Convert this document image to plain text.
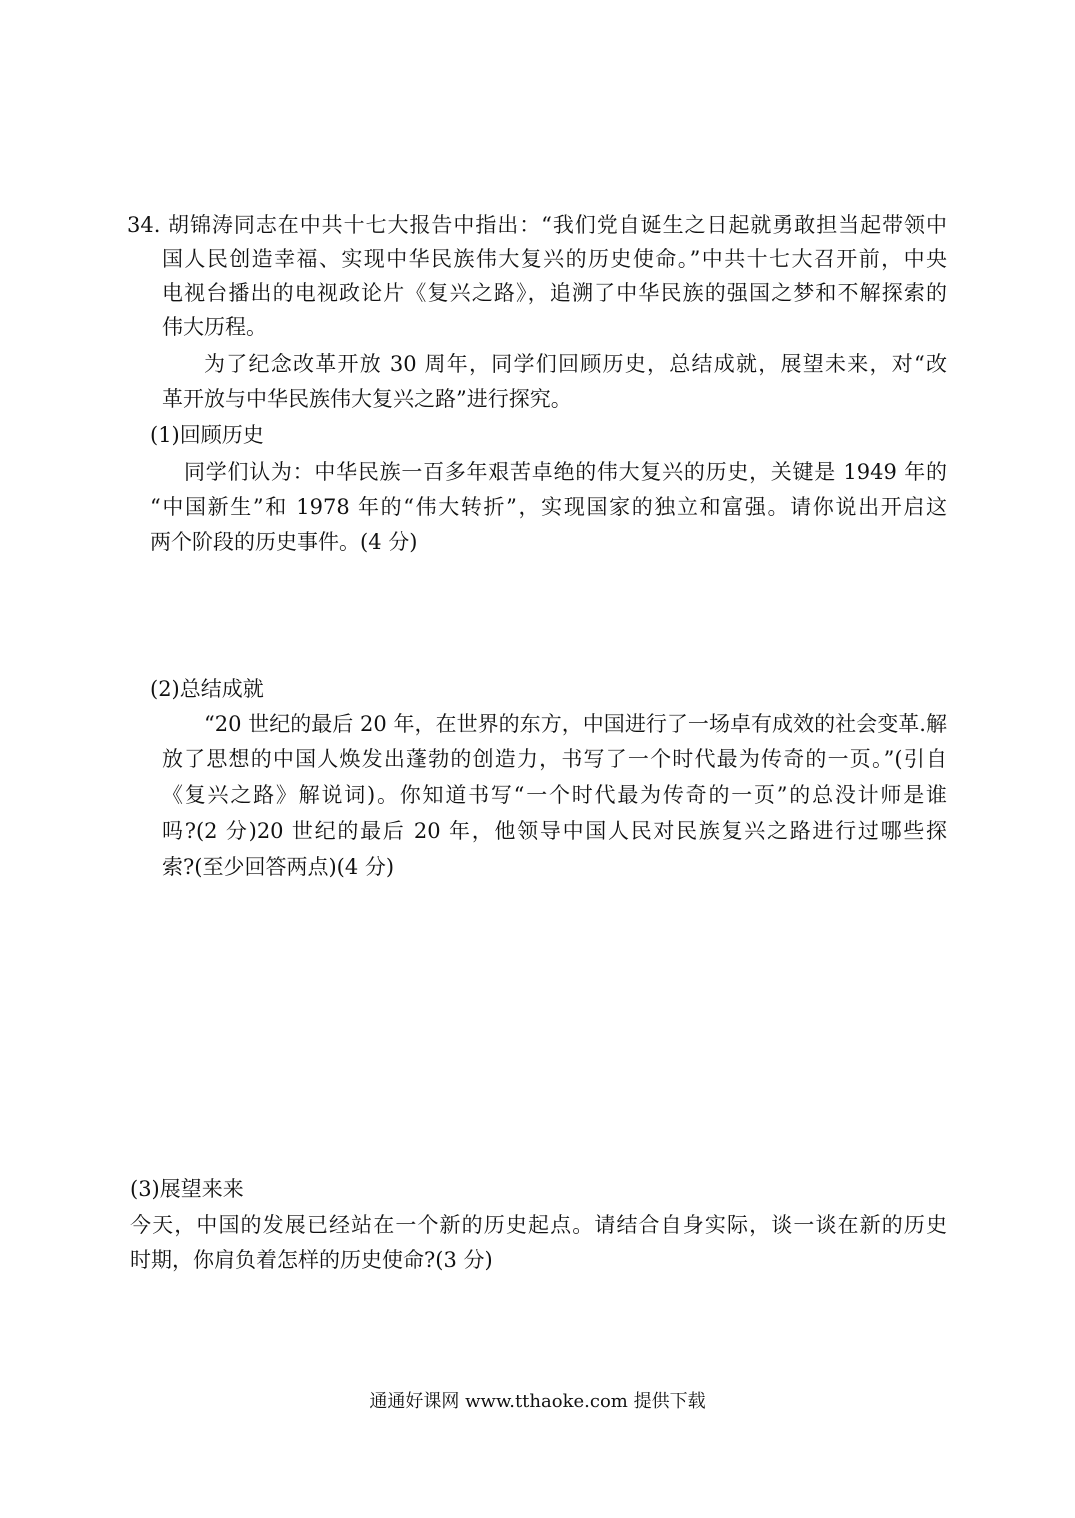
34. 胡锦涛同志在中共十七大报告中指出：“我们党自诞生之日起就勇敢担当起带领中
国人民创造幸福、实现中华民族伟大复兴的历史使命。”中共十七大召开前，中央
电视台播出的电视政论片《复兴之路》，追溯了中华民族的强国之梦和不解探索的
伟大历程。
为了纪念改革开放 30 周年，同学们回顾历史，总结成就，展望未来，对“改
革开放与中华民族伟大复兴之路”进行探究。
(1)回顾历史
同学们认为：中华民族一百多年艰苦卓绝的伟大复兴的历史，关键是 1949 年的
“中国新生”和 1978 年的“伟大转折”，实现国家的独立和富强。请你说出开启这
两个阶段的历史事件。(4 分)
(2)总结成就
“20 世纪的最后 20 年，在世界的东方，中国进行了一场卓有成效的社会变革.解
放了思想的中国人焕发出蓬勃的创造力，书写了一个时代最为传奇的一页。”(引自
《复兴之路》解说词)。你知道书写“一个时代最为传奇的一页”的总没计师是谁
吗?(2 分)20 世纪的最后 20 年，他领导中国人民对民族复兴之路进行过哪些探
索?(至少回答两点)(4 分)
(3)展望来来
今天，中国的发展已经站在一个新的历史起点。请结合自身实际，谈一谈在新的历史
时期，你肩负着怎样的历史使命?(3 分)
通通好课网 www.tthaoke.com 提供下载
